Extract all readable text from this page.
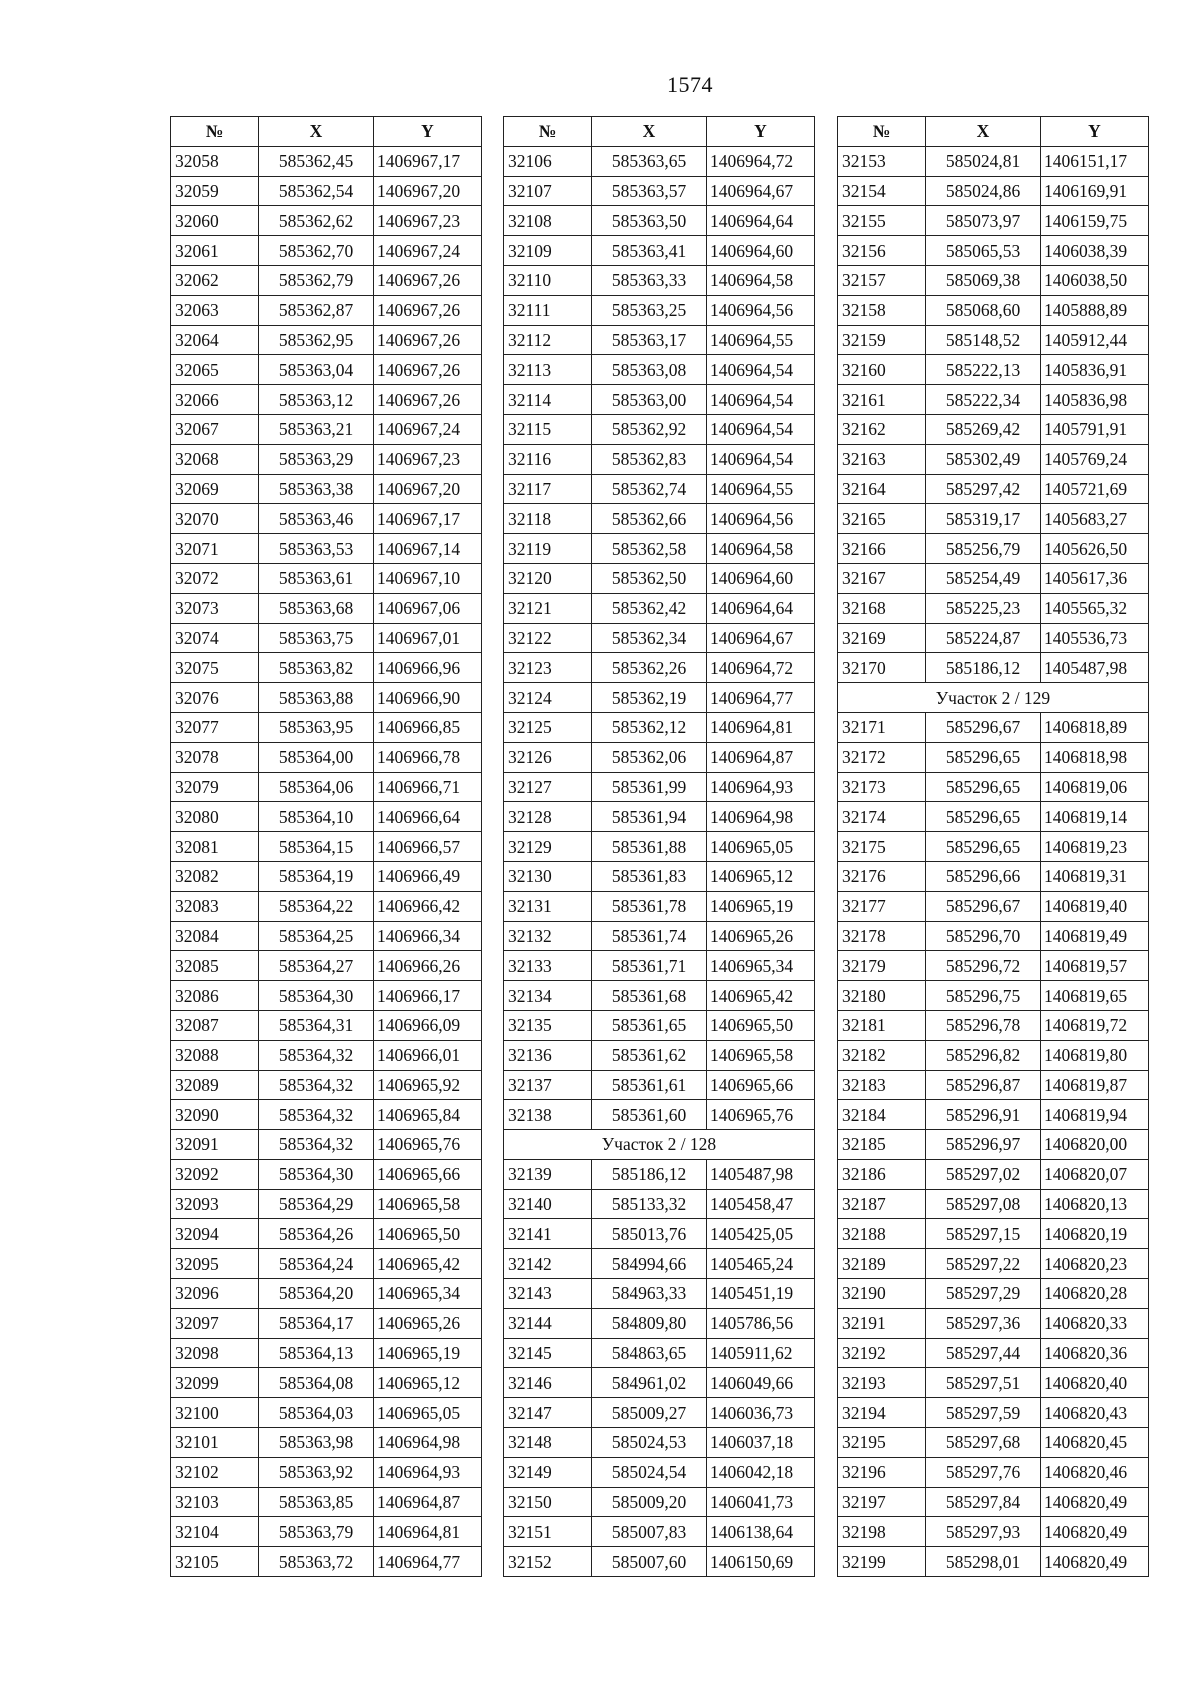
1574
№	X	Y
32058	585362,45	1406967,17
32059	585362,54	1406967,20
32060	585362,62	1406967,23
32061	585362,70	1406967,24
32062	585362,79	1406967,26
32063	585362,87	1406967,26
32064	585362,95	1406967,26
32065	585363,04	1406967,26
32066	585363,12	1406967,26
32067	585363,21	1406967,24
32068	585363,29	1406967,23
32069	585363,38	1406967,20
32070	585363,46	1406967,17
32071	585363,53	1406967,14
32072	585363,61	1406967,10
32073	585363,68	1406967,06
32074	585363,75	1406967,01
32075	585363,82	1406966,96
32076	585363,88	1406966,90
32077	585363,95	1406966,85
32078	585364,00	1406966,78
32079	585364,06	1406966,71
32080	585364,10	1406966,64
32081	585364,15	1406966,57
32082	585364,19	1406966,49
32083	585364,22	1406966,42
32084	585364,25	1406966,34
32085	585364,27	1406966,26
32086	585364,30	1406966,17
32087	585364,31	1406966,09
32088	585364,32	1406966,01
32089	585364,32	1406965,92
32090	585364,32	1406965,84
32091	585364,32	1406965,76
32092	585364,30	1406965,66
32093	585364,29	1406965,58
32094	585364,26	1406965,50
32095	585364,24	1406965,42
32096	585364,20	1406965,34
32097	585364,17	1406965,26
32098	585364,13	1406965,19
32099	585364,08	1406965,12
32100	585364,03	1406965,05
32101	585363,98	1406964,98
32102	585363,92	1406964,93
32103	585363,85	1406964,87
32104	585363,79	1406964,81
32105	585363,72	1406964,77
№	X	Y
32106	585363,65	1406964,72
32107	585363,57	1406964,67
32108	585363,50	1406964,64
32109	585363,41	1406964,60
32110	585363,33	1406964,58
32111	585363,25	1406964,56
32112	585363,17	1406964,55
32113	585363,08	1406964,54
32114	585363,00	1406964,54
32115	585362,92	1406964,54
32116	585362,83	1406964,54
32117	585362,74	1406964,55
32118	585362,66	1406964,56
32119	585362,58	1406964,58
32120	585362,50	1406964,60
32121	585362,42	1406964,64
32122	585362,34	1406964,67
32123	585362,26	1406964,72
32124	585362,19	1406964,77
32125	585362,12	1406964,81
32126	585362,06	1406964,87
32127	585361,99	1406964,93
32128	585361,94	1406964,98
32129	585361,88	1406965,05
32130	585361,83	1406965,12
32131	585361,78	1406965,19
32132	585361,74	1406965,26
32133	585361,71	1406965,34
32134	585361,68	1406965,42
32135	585361,65	1406965,50
32136	585361,62	1406965,58
32137	585361,61	1406965,66
32138	585361,60	1406965,76
Участок 2 / 128		
32139	585186,12	1405487,98
32140	585133,32	1405458,47
32141	585013,76	1405425,05
32142	584994,66	1405465,24
32143	584963,33	1405451,19
32144	584809,80	1405786,56
32145	584863,65	1405911,62
32146	584961,02	1406049,66
32147	585009,27	1406036,73
32148	585024,53	1406037,18
32149	585024,54	1406042,18
32150	585009,20	1406041,73
32151	585007,83	1406138,64
32152	585007,60	1406150,69
№	X	Y
32153	585024,81	1406151,17
32154	585024,86	1406169,91
32155	585073,97	1406159,75
32156	585065,53	1406038,39
32157	585069,38	1406038,50
32158	585068,60	1405888,89
32159	585148,52	1405912,44
32160	585222,13	1405836,91
32161	585222,34	1405836,98
32162	585269,42	1405791,91
32163	585302,49	1405769,24
32164	585297,42	1405721,69
32165	585319,17	1405683,27
32166	585256,79	1405626,50
32167	585254,49	1405617,36
32168	585225,23	1405565,32
32169	585224,87	1405536,73
32170	585186,12	1405487,98
Участок 2 / 129		
32171	585296,67	1406818,89
32172	585296,65	1406818,98
32173	585296,65	1406819,06
32174	585296,65	1406819,14
32175	585296,65	1406819,23
32176	585296,66	1406819,31
32177	585296,67	1406819,40
32178	585296,70	1406819,49
32179	585296,72	1406819,57
32180	585296,75	1406819,65
32181	585296,78	1406819,72
32182	585296,82	1406819,80
32183	585296,87	1406819,87
32184	585296,91	1406819,94
32185	585296,97	1406820,00
32186	585297,02	1406820,07
32187	585297,08	1406820,13
32188	585297,15	1406820,19
32189	585297,22	1406820,23
32190	585297,29	1406820,28
32191	585297,36	1406820,33
32192	585297,44	1406820,36
32193	585297,51	1406820,40
32194	585297,59	1406820,43
32195	585297,68	1406820,45
32196	585297,76	1406820,46
32197	585297,84	1406820,49
32198	585297,93	1406820,49
32199	585298,01	1406820,49
